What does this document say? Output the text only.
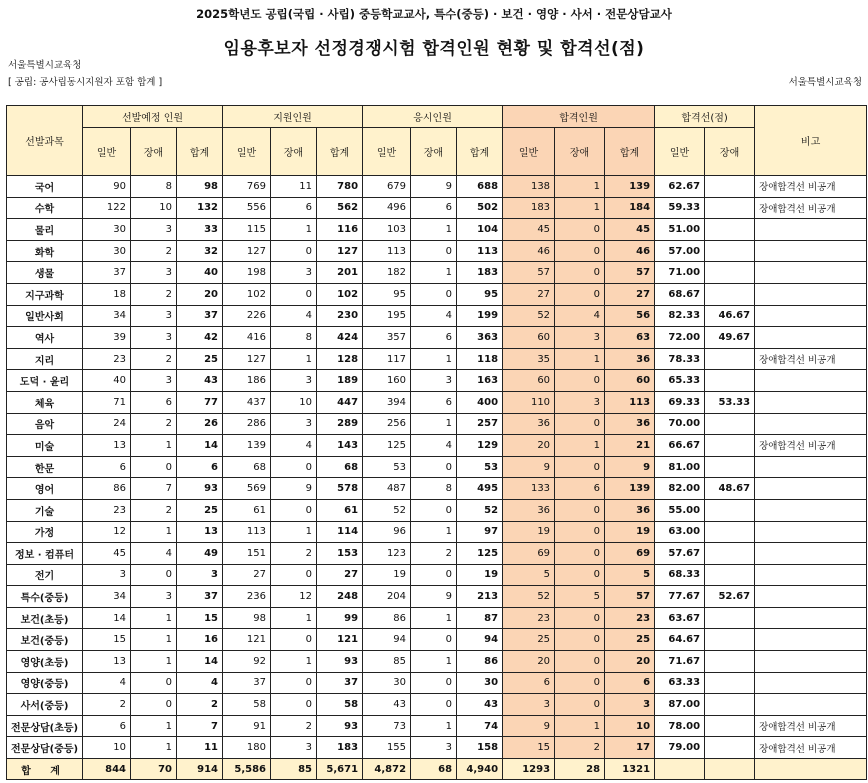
2025학년도 공립(국립 · 사립) 중등학교교사, 특수(중등) · 보건 · 영양 · 사서 · 전문상담교사
임용후보자 선정경쟁시험 합격인원 현황 및 합격선(점)
서울특별시교육청
[ 공립: 공사립동시지원자 포함 합계 ]	서울특별시교육청
선발과목	선발예정 인원			지원인원			응시인원			합격인원			합격선(점)		비고
	일반	장애	합계	일반	장애	합계	일반	장애	합계	일반	장애	합계	일반	장애	
국어	90	8	98	769	11	780	679	9	688	138	1	139	62.67		장애합격선 비공개
수학	122	10	132	556	6	562	496	6	502	183	1	184	59.33		장애합격선 비공개
물리	30	3	33	115	1	116	103	1	104	45	0	45	51.00		
화학	30	2	32	127	0	127	113	0	113	46	0	46	57.00		
생물	37	3	40	198	3	201	182	1	183	57	0	57	71.00		
지구과학	18	2	20	102	0	102	95	0	95	27	0	27	68.67		
일반사회	34	3	37	226	4	230	195	4	199	52	4	56	82.33	46.67	
역사	39	3	42	416	8	424	357	6	363	60	3	63	72.00	49.67	
지리	23	2	25	127	1	128	117	1	118	35	1	36	78.33		장애합격선 비공개
도덕 · 윤리	40	3	43	186	3	189	160	3	163	60	0	60	65.33		
체육	71	6	77	437	10	447	394	6	400	110	3	113	69.33	53.33	
음악	24	2	26	286	3	289	256	1	257	36	0	36	70.00		
미술	13	1	14	139	4	143	125	4	129	20	1	21	66.67		장애합격선 비공개
한문	6	0	6	68	0	68	53	0	53	9	0	9	81.00		
영어	86	7	93	569	9	578	487	8	495	133	6	139	82.00	48.67	
기술	23	2	25	61	0	61	52	0	52	36	0	36	55.00		
가정	12	1	13	113	1	114	96	1	97	19	0	19	63.00		
정보 · 컴퓨터	45	4	49	151	2	153	123	2	125	69	0	69	57.67		
전기	3	0	3	27	0	27	19	0	19	5	0	5	68.33		
특수(중등)	34	3	37	236	12	248	204	9	213	52	5	57	77.67	52.67	
보건(초등)	14	1	15	98	1	99	86	1	87	23	0	23	63.67		
보건(중등)	15	1	16	121	0	121	94	0	94	25	0	25	64.67		
영양(초등)	13	1	14	92	1	93	85	1	86	20	0	20	71.67		
영양(중등)	4	0	4	37	0	37	30	0	30	6	0	6	63.33		
사서(중등)	2	0	2	58	0	58	43	0	43	3	0	3	87.00		
전문상담(초등)	6	1	7	91	2	93	73	1	74	9	1	10	78.00		장애합격선 비공개
전문상담(중등)	10	1	11	180	3	183	155	3	158	15	2	17	79.00		장애합격선 비공개
합 계	844	70	914	5,586	85	5,671	4,872	68	4,940	1293	28	1321			
